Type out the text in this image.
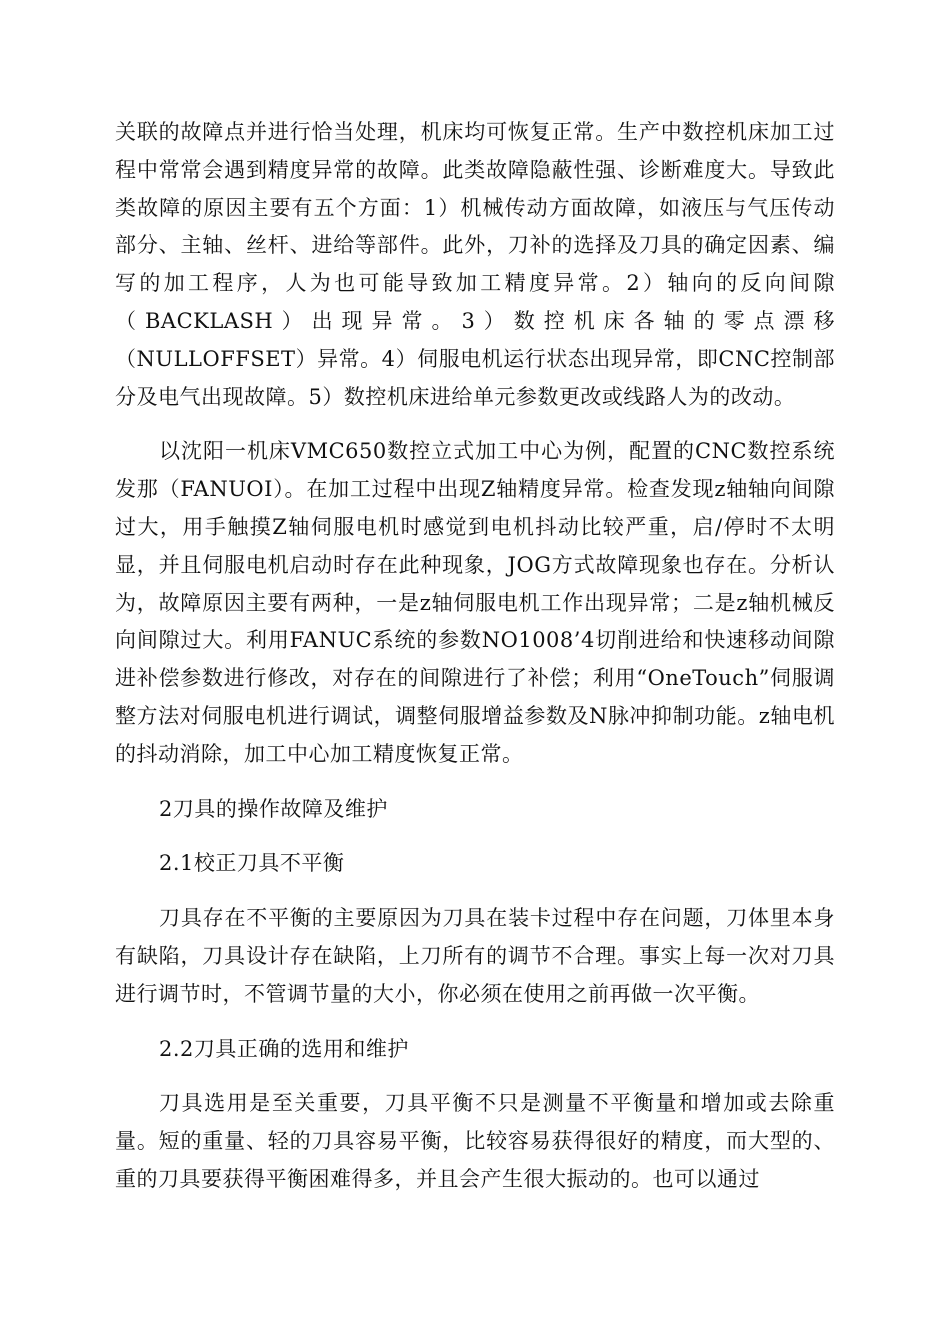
关联的故障点并进行恰当处理，机床均可恢复正常。生产中数控机床加工过程中常常会遇到精度异常的故障。此类故障隐蔽性强、诊断难度大。导致此类故障的原因主要有五个方面：1）机械传动方面故障，如液压与气压传动部分、主轴、丝杆、进给等部件。此外，刀补的选择及刀具的确定因素、编写的加工程序，人为也可能导致加工精度异常。2）轴向的反向间隙（BACKLASH）出现异常。3）数控机床各轴的零点漂移（NULLOFFSET）异常。4）伺服电机运行状态出现异常，即CNC控制部分及电气出现故障。5）数控机床进给单元参数更改或线路人为的改动。

以沈阳一机床VMC650数控立式加工中心为例，配置的CNC数控系统发那（FANUOI）。在加工过程中出现Z轴精度异常。检查发现z轴轴向间隙过大，用手触摸Z轴伺服电机时感觉到电机抖动比较严重，启/停时不太明显，并且伺服电机启动时存在此种现象，JOG方式故障现象也存在。分析认为，故障原因主要有两种，一是z轴伺服电机工作出现异常；二是z轴机械反向间隙过大。利用FANUC系统的参数NO1008’4切削进给和快速移动间隙进补偿参数进行修改，对存在的间隙进行了补偿；利用“OneTouch”伺服调整方法对伺服电机进行调试，调整伺服增益参数及N脉冲抑制功能。z轴电机的抖动消除，加工中心加工精度恢复正常。

2刀具的操作故障及维护

2.1校正刀具不平衡

刀具存在不平衡的主要原因为刀具在装卡过程中存在问题，刀体里本身有缺陷，刀具设计存在缺陷，上刀所有的调节不合理。事实上每一次对刀具进行调节时，不管调节量的大小，你必须在使用之前再做一次平衡。

2.2刀具正确的选用和维护

刀具选用是至关重要，刀具平衡不只是测量不平衡量和增加或去除重量。短的重量、轻的刀具容易平衡，比较容易获得很好的精度，而大型的、重的刀具要获得平衡困难得多，并且会产生很大振动的。也可以通过
